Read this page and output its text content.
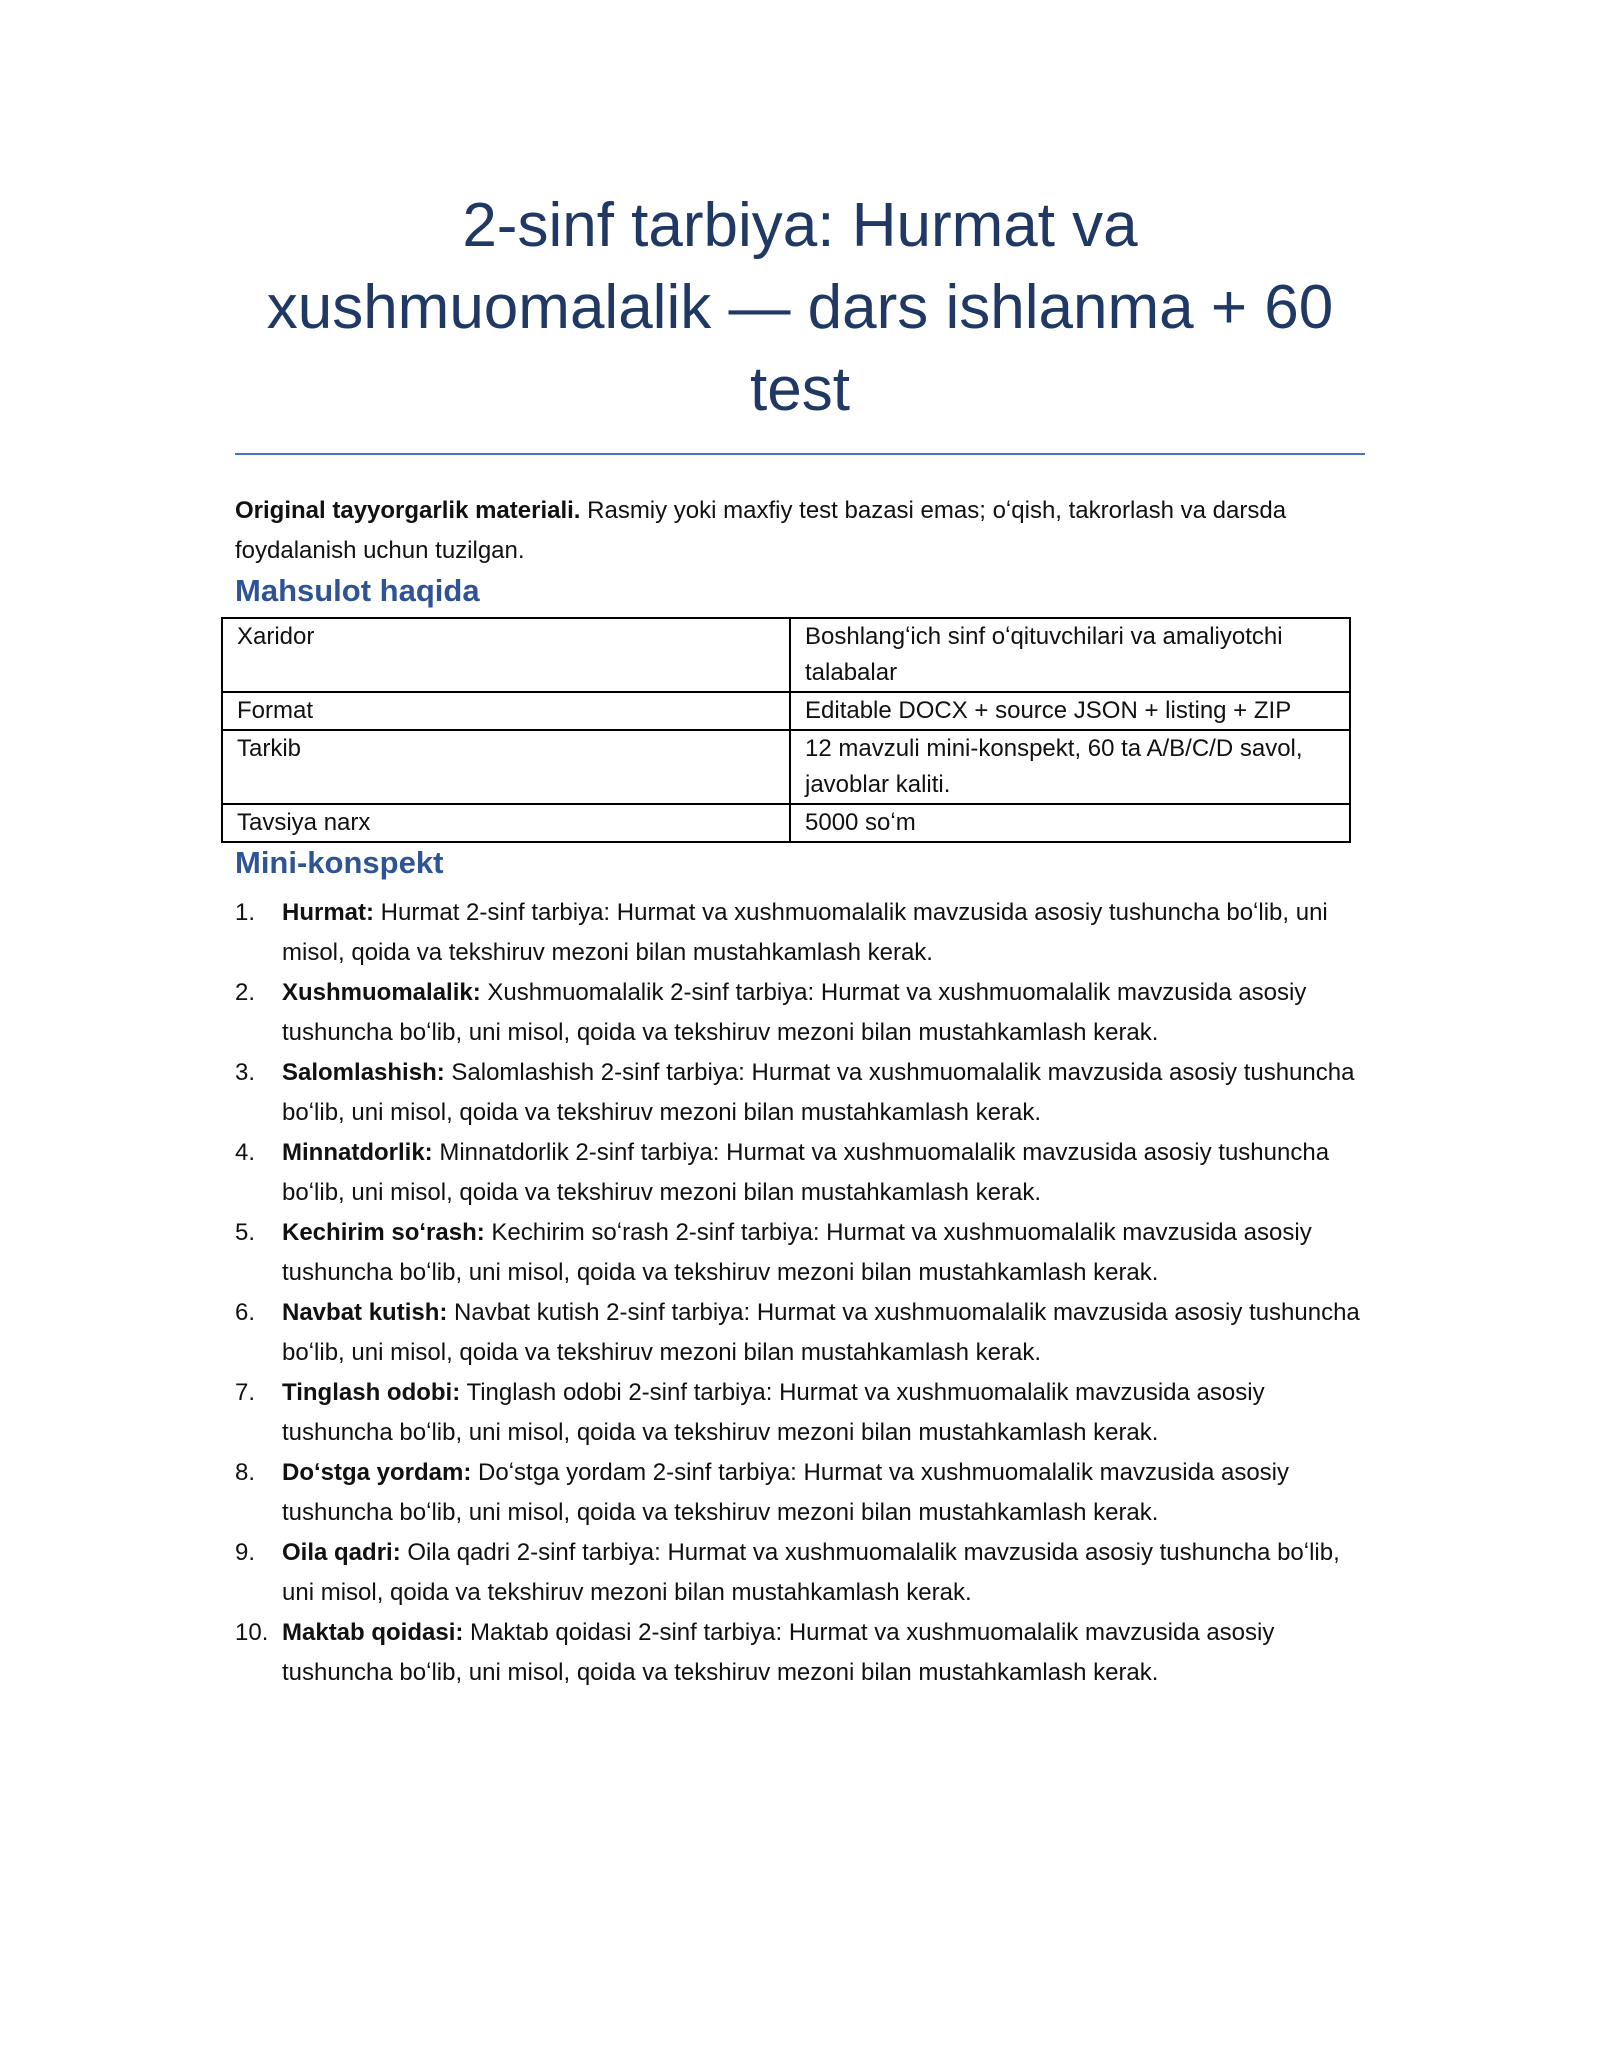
2-sinf tarbiya: Hurmat va xushmuomalalik — dars ishlanma + 60 test

Original tayyorgarlik materiali. Rasmiy yoki maxfiy test bazasi emas; oʻqish, takrorlash va darsda foydalanish uchun tuzilgan.

Mahsulot haqida
Xaridor	Boshlangʻich sinf oʻqituvchilari va amaliyotchi talabalar
Format	Editable DOCX + source JSON + listing + ZIP
Tarkib	12 mavzuli mini-konspekt, 60 ta A/B/C/D savol, javoblar kaliti.
Tavsiya narx	5000 soʻm
Mini-konspekt
1. Hurmat: Hurmat 2-sinf tarbiya: Hurmat va xushmuomalalik mavzusida asosiy tushuncha boʻlib, uni misol, qoida va tekshiruv mezoni bilan mustahkamlash kerak.
2. Xushmuomalalik: Xushmuomalalik 2-sinf tarbiya: Hurmat va xushmuomalalik mavzusida asosiy tushuncha boʻlib, uni misol, qoida va tekshiruv mezoni bilan mustahkamlash kerak.
3. Salomlashish: Salomlashish 2-sinf tarbiya: Hurmat va xushmuomalalik mavzusida asosiy tushuncha boʻlib, uni misol, qoida va tekshiruv mezoni bilan mustahkamlash kerak.
4. Minnatdorlik: Minnatdorlik 2-sinf tarbiya: Hurmat va xushmuomalalik mavzusida asosiy tushuncha boʻlib, uni misol, qoida va tekshiruv mezoni bilan mustahkamlash kerak.
5. Kechirim soʻrash: Kechirim soʻrash 2-sinf tarbiya: Hurmat va xushmuomalalik mavzusida asosiy tushuncha boʻlib, uni misol, qoida va tekshiruv mezoni bilan mustahkamlash kerak.
6. Navbat kutish: Navbat kutish 2-sinf tarbiya: Hurmat va xushmuomalalik mavzusida asosiy tushuncha boʻlib, uni misol, qoida va tekshiruv mezoni bilan mustahkamlash kerak.
7. Tinglash odobi: Tinglash odobi 2-sinf tarbiya: Hurmat va xushmuomalalik mavzusida asosiy tushuncha boʻlib, uni misol, qoida va tekshiruv mezoni bilan mustahkamlash kerak.
8. Doʻstga yordam: Doʻstga yordam 2-sinf tarbiya: Hurmat va xushmuomalalik mavzusida asosiy tushuncha boʻlib, uni misol, qoida va tekshiruv mezoni bilan mustahkamlash kerak.
9. Oila qadri: Oila qadri 2-sinf tarbiya: Hurmat va xushmuomalalik mavzusida asosiy tushuncha boʻlib, uni misol, qoida va tekshiruv mezoni bilan mustahkamlash kerak.
10. Maktab qoidasi: Maktab qoidasi 2-sinf tarbiya: Hurmat va xushmuomalalik mavzusida asosiy tushuncha boʻlib, uni misol, qoida va tekshiruv mezoni bilan mustahkamlash kerak.
